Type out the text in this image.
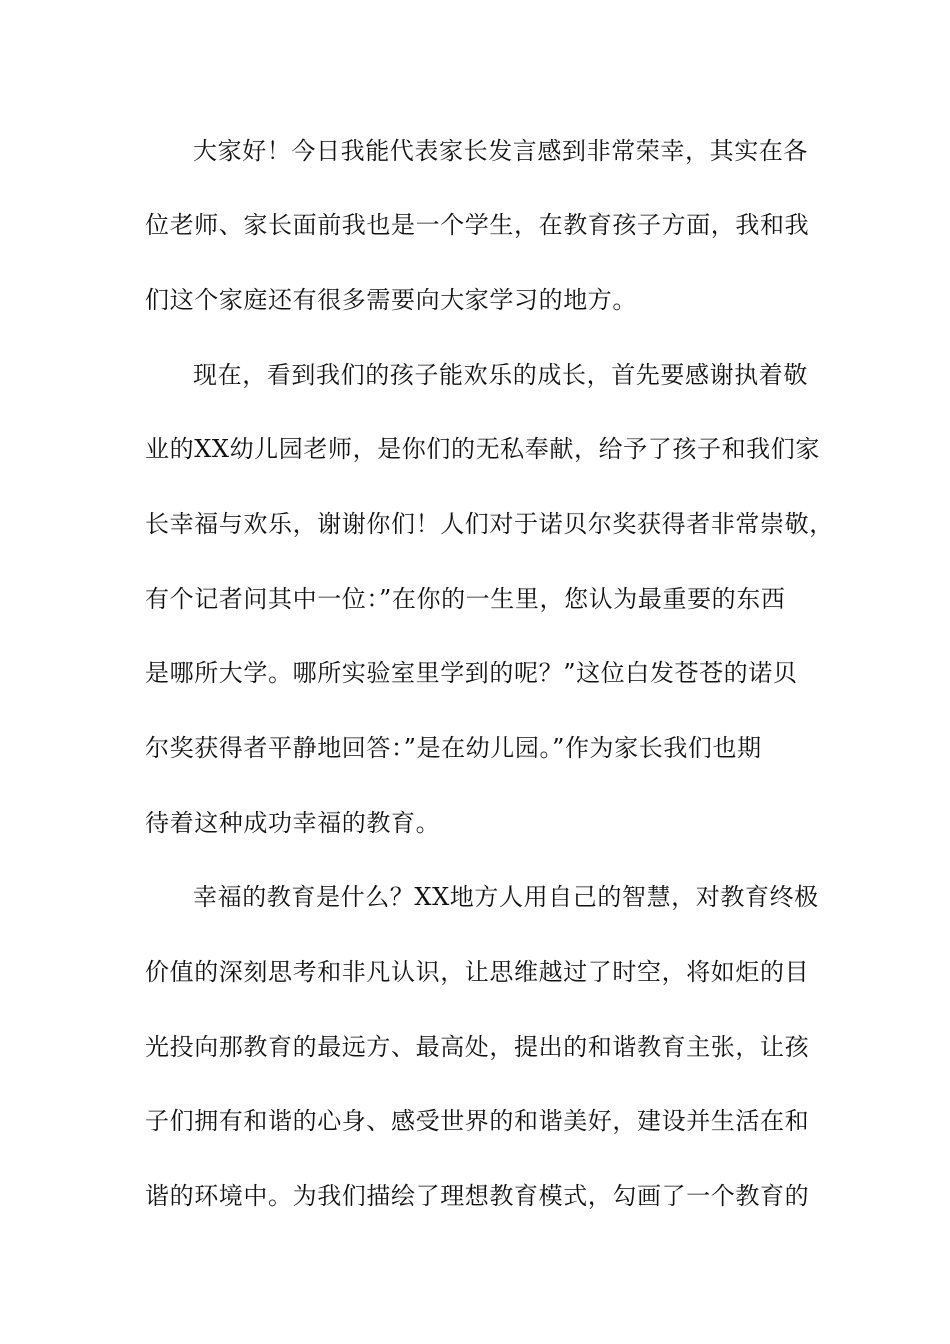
大家好！今日我能代表家长发言感到非常荣幸，其实在各
位老师、家长面前我也是一个学生，在教育孩子方面，我和我
们这个家庭还有很多需要向大家学习的地方。
现在，看到我们的孩子能欢乐的成长，首先要感谢执着敬
业的XX幼儿园老师，是你们的无私奉献，给予了孩子和我们家
长幸福与欢乐，谢谢你们！人们对于诺贝尔奖获得者非常崇敬，
有个记者问其中一位：”在你的一生里，您认为最重要的东西
是哪所大学。哪所实验室里学到的呢？”这位白发苍苍的诺贝
尔奖获得者平静地回答：”是在幼儿园。”作为家长我们也期
待着这种成功幸福的教育。
幸福的教育是什么？XX地方人用自己的智慧，对教育终极
价值的深刻思考和非凡认识，让思维越过了时空，将如炬的目
光投向那教育的最远方、最高处，提出的和谐教育主张，让孩
子们拥有和谐的心身、感受世界的和谐美好，建设并生活在和
谐的环境中。为我们描绘了理想教育模式，勾画了一个教育的
